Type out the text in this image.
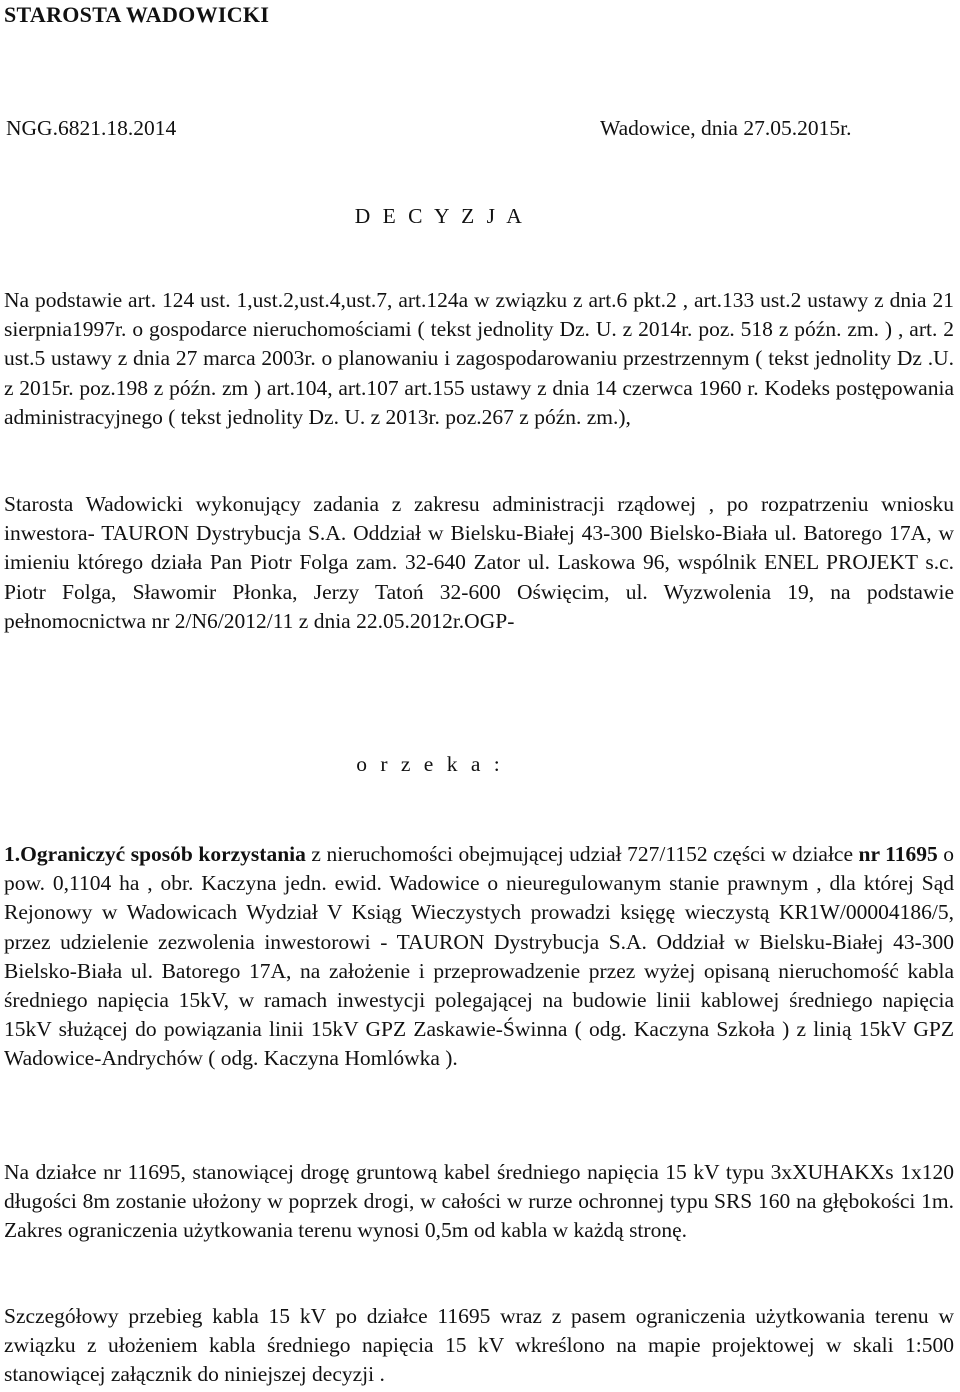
STAROSTA WADOWICKI
NGG.6821.18.2014	Wadowice, dnia 27.05.2015r.
D E C Y Z J A

Na podstawie art. 124 ust. 1,ust.2,ust.4,ust.7, art.124a w związku z art.6 pkt.2 , art.133 ust.2 ustawy z dnia 21 sierpnia1997r. o gospodarce nieruchomościami ( tekst jednolity Dz. U. z 2014r. poz. 518 z późn. zm. ) , art. 2 ust.5 ustawy z dnia 27 marca 2003r. o planowaniu i zagospodarowaniu przestrzennym ( tekst jednolity Dz .U. z 2015r. poz.198 z późn. zm ) art.104, art.107 art.155 ustawy z dnia 14 czerwca 1960 r. Kodeks postępowania administracyjnego ( tekst jednolity Dz. U. z 2013r. poz.267 z późn. zm.),

Starosta Wadowicki wykonujący zadania z zakresu administracji rządowej , po rozpatrzeniu wniosku inwestora- TAURON Dystrybucja S.A. Oddział w Bielsku-Białej 43-300 Bielsko-Biała ul. Batorego 17A, w imieniu którego działa Pan Piotr Folga zam. 32-640 Zator ul. Laskowa 96, wspólnik ENEL PROJEKT s.c. Piotr Folga, Sławomir Płonka, Jerzy Tatoń 32-600 Oświęcim, ul. Wyzwolenia 19, na podstawie pełnomocnictwa nr 2/N6/2012/11 z dnia 22.05.2012r.OGP-

o r z e k a :

1.Ograniczyć sposób korzystania z nieruchomości obejmującej udział 727/1152 części w działce nr 11695 o pow. 0,1104 ha , obr. Kaczyna jedn. ewid. Wadowice o nieuregulowanym stanie prawnym , dla której Sąd Rejonowy w Wadowicach Wydział V Ksiąg Wieczystych prowadzi księgę wieczystą KR1W/00004186/5, przez udzielenie zezwolenia inwestorowi - TAURON Dystrybucja S.A. Oddział w Bielsku-Białej 43-300 Bielsko-Biała ul. Batorego 17A, na założenie i przeprowadzenie przez wyżej opisaną nieruchomość kabla średniego napięcia 15kV, w ramach inwestycji polegającej na budowie linii kablowej średniego napięcia 15kV służącej do powiązania linii 15kV GPZ Zaskawie-Świnna ( odg. Kaczyna Szkoła ) z linią 15kV GPZ Wadowice-Andrychów ( odg. Kaczyna Homlówka ).

Na działce nr 11695, stanowiącej drogę gruntową kabel średniego napięcia 15 kV typu 3xXUHAKXs 1x120 długości 8m zostanie ułożony w poprzek drogi, w całości w rurze ochronnej typu SRS 160 na głębokości 1m. Zakres ograniczenia użytkowania terenu wynosi 0,5m od kabla w każdą stronę.

Szczegółowy przebieg kabla 15 kV po działce 11695 wraz z pasem ograniczenia użytkowania terenu w związku z ułożeniem kabla średniego napięcia 15 kV wkreślono na mapie projektowej w skali 1:500 stanowiącej załącznik do niniejszej decyzji .
